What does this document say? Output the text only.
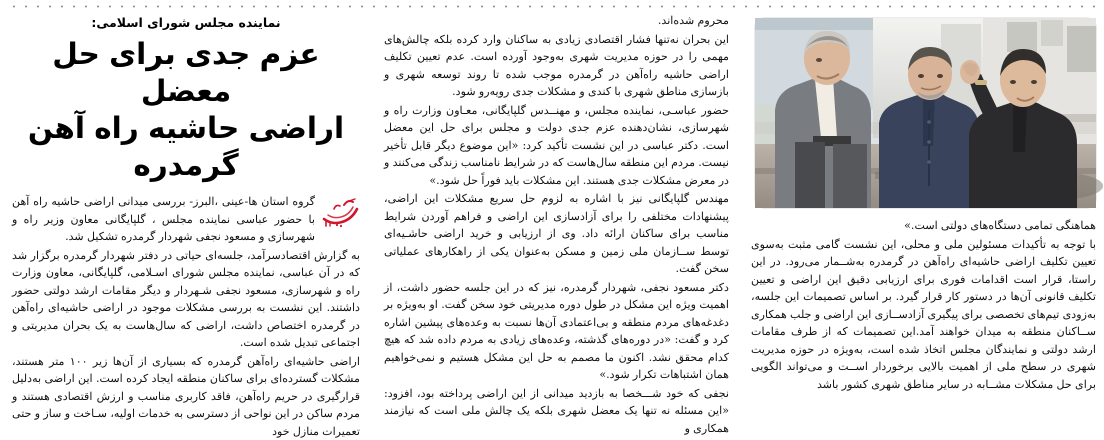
هماهنگی تمامی دستگاه‌های دولتی است.»

با توجه به تأکیدات مسئولین ملی و محلی، این نشست گامی مثبت به‌سوی تعیین تکلیف اراضی حاشیه‌ای راه‌آهن در گرمدره به‌شــمار می‌رود. در این راستا، قرار است اقدامات فوری برای ارزیابی دقیق این اراضی و تعیین تکلیف قانونی آن‌ها در دستور کار قرار گیرد. بر اساس تصمیمات این جلسه، به‌زودی تیم‌های تخصصی برای پیگیری آزادســازی این اراضی و جلب همکاری ســاکنان منطقه به میدان خواهند آمد.این تصمیمات که از طرف مقامات ارشد دولتی و نمایندگان مجلس اتخاذ شده است، به‌ویژه در حوزه مدیریت شهری در سطح ملی از اهمیت بالایی برخوردار اســت و می‌تواند الگویی برای حل مشکلات مشــابه در سایر مناطق شهری کشور باشد

محروم شده‌اند.

این بحران نه‌تنها فشار اقتصادی زیادی به ساکنان وارد کرده بلکه چالش‌های مهمی را در حوزه مدیریت شهری به‌وجود آورده است. عدم تعیین تکلیف اراضی حاشیه راه‌آهن در گرمدره موجب شده تا روند توسعه شهری و بازسازی مناطق شهری با کندی و مشکلات جدی رویه‌رو شود.

حضور عباسـی، نماینده مجلس، و مهنــدس گلپایگانی، معـاون وزارت راه و شهرسازی، نشان‌دهنده عزم جدی دولت و مجلس برای حل این معضل است. دکتر عباسی در این نشست تأکید کرد: «این موضوع دیگر قابل تأخیر نیست. مردم این منطقه سال‌هاست که در شرایط نامناسب زندگی می‌کنند و در معرض مشکلات جدی هستند. این مشکلات باید فوراً حل شود.»

مهندس گلپایگانی نیز با اشاره به لزوم حل سریع مشکلات این اراضی، پیشنهادات مختلفی را برای آزادسازی این اراضی و فراهم آوردن شرایط مناسب برای ساکنان ارائه داد. وی از ارزیابی و خرید اراضی حاشـیه‌ای توسط ســازمان ملی زمین و مسکن به‌عنوان یکی از راهکارهای عملیاتی سخن گفت.

دکتر مسعود نجفی، شهردار گرمدره، نیز که در این جلسه حضور داشت، از اهمیت ویژه این مشکل در طول دوره مدیریتی خود سخن گفت. او به‌ویژه بر دغدغه‌های مردم منطقه و بی‌اعتمادی آن‌ها نسبت به وعده‌های پیشین اشاره کرد و گفت: «در دوره‌های گذشته، وعده‌های زیادی به مردم داده شد که هیچ کدام محقق نشد. اکنون ما مصمم به حل این مشکل هستیم و نمی‌خواهیم همان اشتباهات تکرار شود.»

نجفی که خود شـــخصا به بازدید میدانی از این اراضی پرداخته بود، افزود: «این مسئله نه تنها یک معضل شهری بلکه یک چالش ملی است که نیازمند همکاری و

نماینده مجلس شورای اسلامی:
عزم جدی برای حل معضل
اراضی حاشیه راه آهن
گرمدره

گروه استان ها-عینی ،البرز- بررسی میدانی اراضی حاشیه راه آهن با حضور عباسی نماینده مجلس ، گلپایگانی معاون وزیر راه و شهرسازی و مسعود نجفی شهردار گرمدره تشکیل شد.

به گزارش اقتصادسرآمد، جلسه‌ای حیاتی در دفتر شهردار گرمدره برگزار شد که در آن عباسی، نماینده مجلس شورای اسـلامی، گلپایگانی، معاون وزارت راه و شهرسازی، مسعود نجفی شـهردار و دیگر مقامات ارشد دولتی حضور داشتند. این نشست به بررسی مشکلات موجود در اراضی حاشیه‌ای راه‌آهن در گرمدره اختصاص داشت، اراضی که سال‌هاست به یک بحران مدیریتی و اجتماعی تبدیل شده است.

اراضی حاشیه‌ای راه‌آهن گرمدره که بسیاری از آن‌ها زیر ۱۰۰ متر هستند، مشکلات گسترده‌ای برای ساکنان منطقه ایجاد کرده است. این اراضی به‌دلیل قرارگیری در حریم راه‌آهن، فاقد کاربری مناسب و ارزش اقتصادی هستند و مردم ساکن در این نواحی از دسترسی به خدمات اولیه، سـاخت و ساز و حتی تعمیرات منازل خود
